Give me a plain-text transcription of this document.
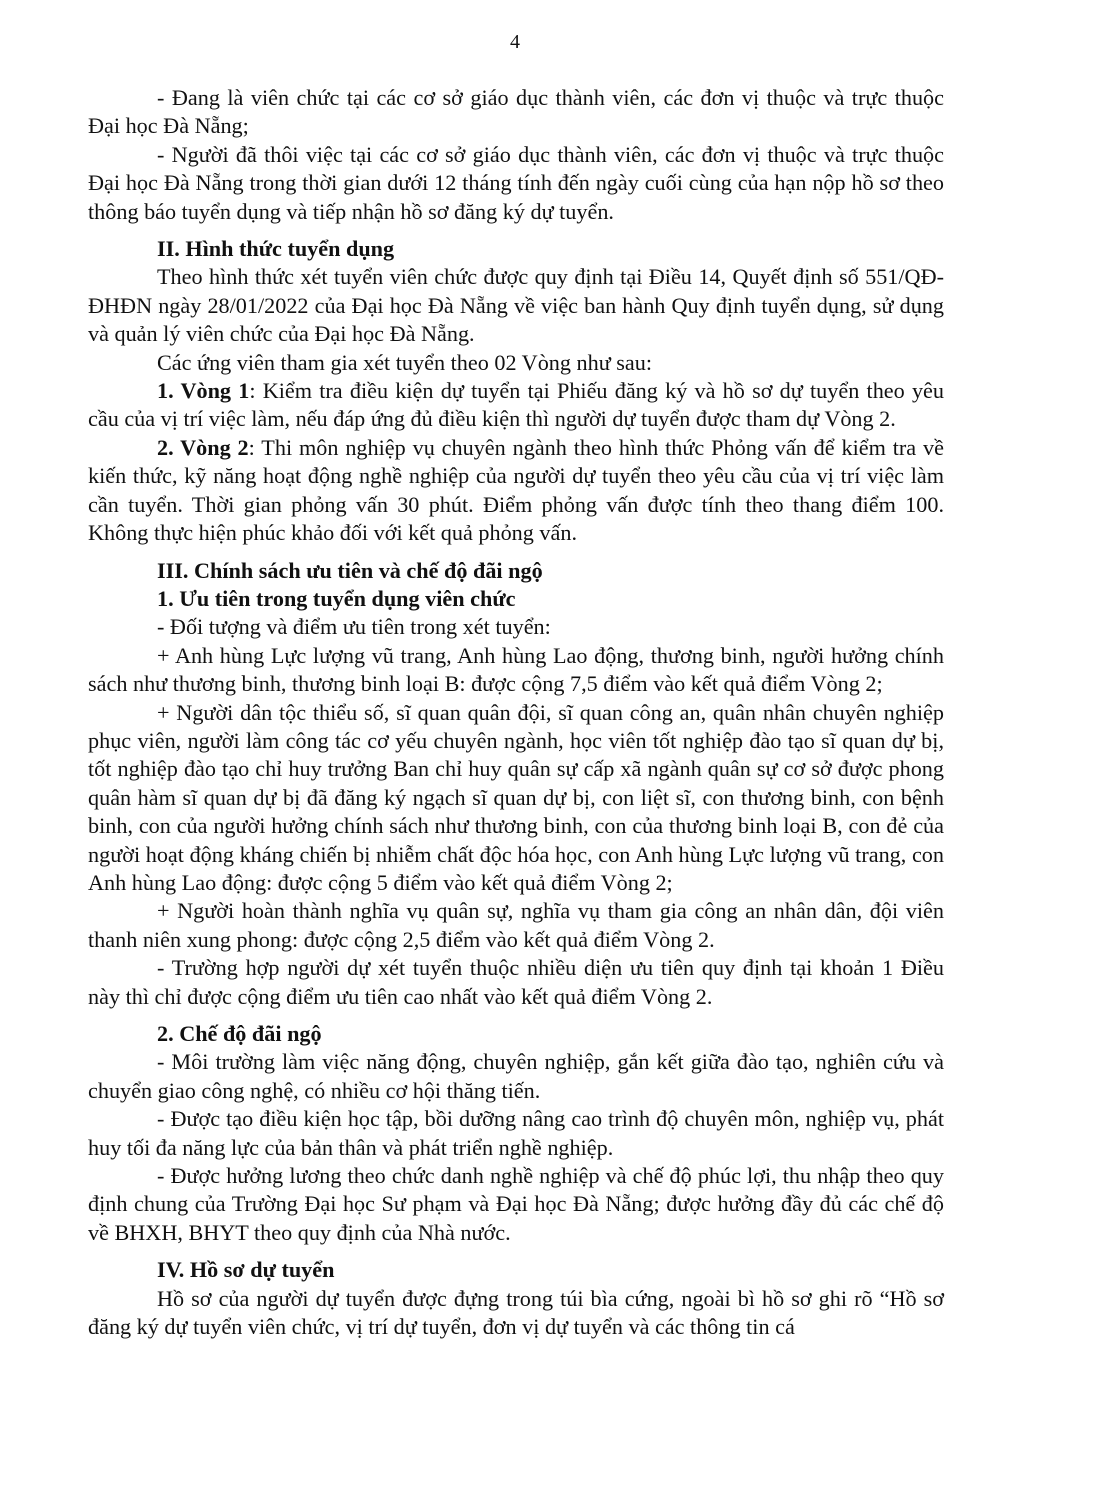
4

- Đang là viên chức tại các cơ sở giáo dục thành viên, các đơn vị thuộc và trực thuộc Đại học Đà Nẵng;

- Người đã thôi việc tại các cơ sở giáo dục thành viên, các đơn vị thuộc và trực thuộc Đại học Đà Nẵng trong thời gian dưới 12 tháng tính đến ngày cuối cùng của hạn nộp hồ sơ theo thông báo tuyển dụng và tiếp nhận hồ sơ đăng ký dự tuyển.

II. Hình thức tuyển dụng

Theo hình thức xét tuyển viên chức được quy định tại Điều 14, Quyết định số 551/QĐ-ĐHĐN ngày 28/01/2022 của Đại học Đà Nẵng về việc ban hành Quy định tuyển dụng, sử dụng và quản lý viên chức của Đại học Đà Nẵng.

Các ứng viên tham gia xét tuyển theo 02 Vòng như sau:

1. Vòng 1: Kiểm tra điều kiện dự tuyển tại Phiếu đăng ký và hồ sơ dự tuyển theo yêu cầu của vị trí việc làm, nếu đáp ứng đủ điều kiện thì người dự tuyển được tham dự Vòng 2.

2. Vòng 2: Thi môn nghiệp vụ chuyên ngành theo hình thức Phỏng vấn để kiểm tra về kiến thức, kỹ năng hoạt động nghề nghiệp của người dự tuyển theo yêu cầu của vị trí việc làm cần tuyển. Thời gian phỏng vấn 30 phút. Điểm phỏng vấn được tính theo thang điểm 100. Không thực hiện phúc khảo đối với kết quả phỏng vấn.

III. Chính sách ưu tiên và chế độ đãi ngộ

1. Ưu tiên trong tuyển dụng viên chức

- Đối tượng và điểm ưu tiên trong xét tuyển:

+ Anh hùng Lực lượng vũ trang, Anh hùng Lao động, thương binh, người hưởng chính sách như thương binh, thương binh loại B: được cộng 7,5 điểm vào kết quả điểm Vòng 2;

+ Người dân tộc thiểu số, sĩ quan quân đội, sĩ quan công an, quân nhân chuyên nghiệp phục viên, người làm công tác cơ yếu chuyên ngành, học viên tốt nghiệp đào tạo sĩ quan dự bị, tốt nghiệp đào tạo chỉ huy trưởng Ban chỉ huy quân sự cấp xã ngành quân sự cơ sở được phong quân hàm sĩ quan dự bị đã đăng ký ngạch sĩ quan dự bị, con liệt sĩ, con thương binh, con bệnh binh, con của người hưởng chính sách như thương binh, con của thương binh loại B, con đẻ của người hoạt động kháng chiến bị nhiễm chất độc hóa học, con Anh hùng Lực lượng vũ trang, con Anh hùng Lao động: được cộng 5 điểm vào kết quả điểm Vòng 2;

+ Người hoàn thành nghĩa vụ quân sự, nghĩa vụ tham gia công an nhân dân, đội viên thanh niên xung phong: được cộng 2,5 điểm vào kết quả điểm Vòng 2.

- Trường hợp người dự xét tuyển thuộc nhiều diện ưu tiên quy định tại khoản 1 Điều này thì chỉ được cộng điểm ưu tiên cao nhất vào kết quả điểm Vòng 2.

2. Chế độ đãi ngộ

- Môi trường làm việc năng động, chuyên nghiệp, gắn kết giữa đào tạo, nghiên cứu và chuyển giao công nghệ, có nhiều cơ hội thăng tiến.

- Được tạo điều kiện học tập, bồi dưỡng nâng cao trình độ chuyên môn, nghiệp vụ, phát huy tối đa năng lực của bản thân và phát triển nghề nghiệp.

- Được hưởng lương theo chức danh nghề nghiệp và chế độ phúc lợi, thu nhập theo quy định chung của Trường Đại học Sư phạm và Đại học Đà Nẵng; được hưởng đầy đủ các chế độ về BHXH, BHYT theo quy định của Nhà nước.

IV. Hồ sơ dự tuyển

Hồ sơ của người dự tuyển được đựng trong túi bìa cứng, ngoài bì hồ sơ ghi rõ “Hồ sơ đăng ký dự tuyển viên chức, vị trí dự tuyển, đơn vị dự tuyển và các thông tin cá
